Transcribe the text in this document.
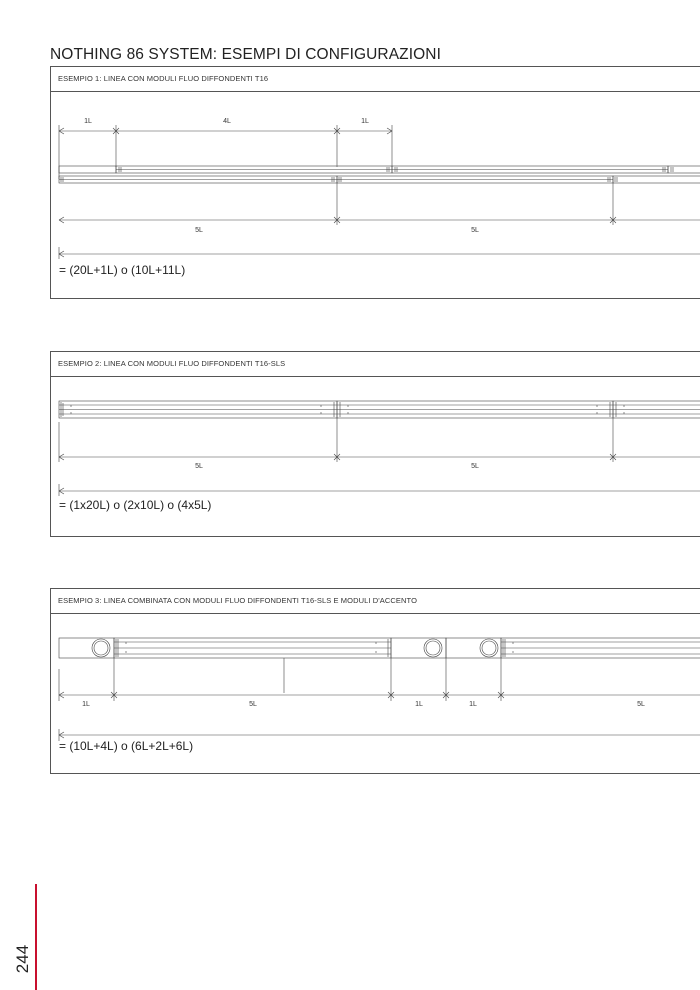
NOTHING 86 SYSTEM: ESEMPI DI CONFIGURAZIONI
ESEMPIO 1: LINEA CON MODULI FLUO DIFFONDENTI T16
1L	4L	1L
5L	5L
= (20L+1L) o (10L+11L)
ESEMPIO 2: LINEA CON MODULI FLUO DIFFONDENTI T16-SLS
5L	5L
= (1x20L) o (2x10L) o (4x5L)
ESEMPIO 3: LINEA COMBINATA CON MODULI FLUO DIFFONDENTI T16-SLS E MODULI D'ACCENTO
1L	5L	1L	1L	5L
= (10L+4L) o (6L+2L+6L)
244
